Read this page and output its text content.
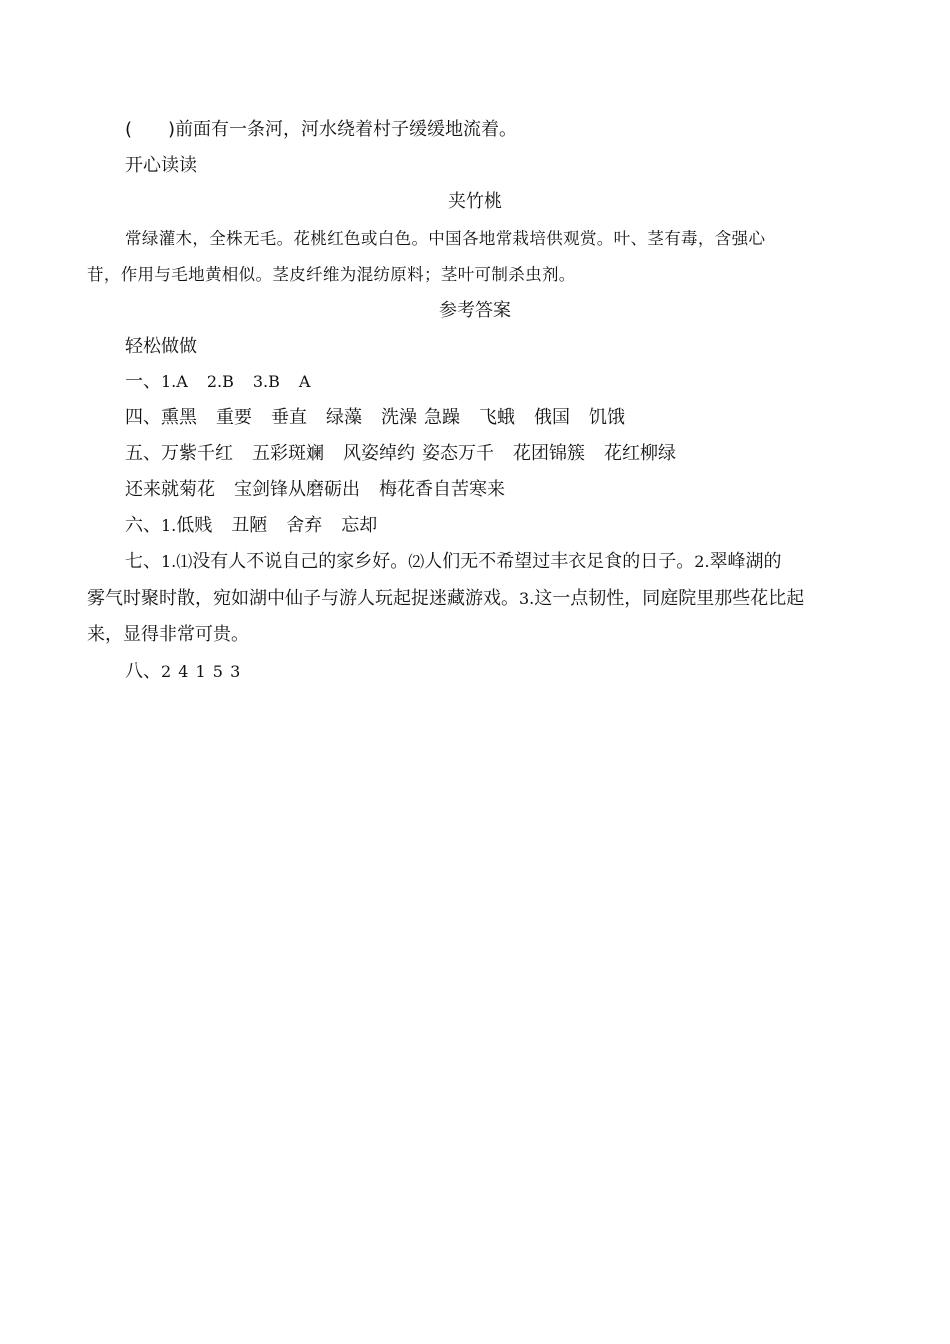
( )前面有一条河，河水绕着村子缓缓地流着。
开心读读
夹竹桃
常绿灌木，全株无毛。花桃红色或白色。中国各地常栽培供观赏。叶、茎有毒，含强心
苷，作用与毛地黄相似。茎皮纤维为混纺原料；茎叶可制杀虫剂。
参考答案
轻松做做
一、1.A 2.B 3.B A
四、熏黑 重要 垂直 绿藻 洗澡 急躁 飞蛾 俄国 饥饿
五、万紫千红 五彩斑斓 风姿绰约 姿态万千 花团锦簇 花红柳绿
还来就菊花 宝剑锋从磨砺出 梅花香自苦寒来
六、1.低贱 丑陋 舍弃 忘却
七、1.⑴没有人不说自己的家乡好。⑵人们无不希望过丰衣足食的日子。2.翠峰湖的
雾气时聚时散，宛如湖中仙子与游人玩起捉迷藏游戏。3.这一点韧性，同庭院里那些花比起
来，显得非常可贵。
八、2 4 1 5 3
